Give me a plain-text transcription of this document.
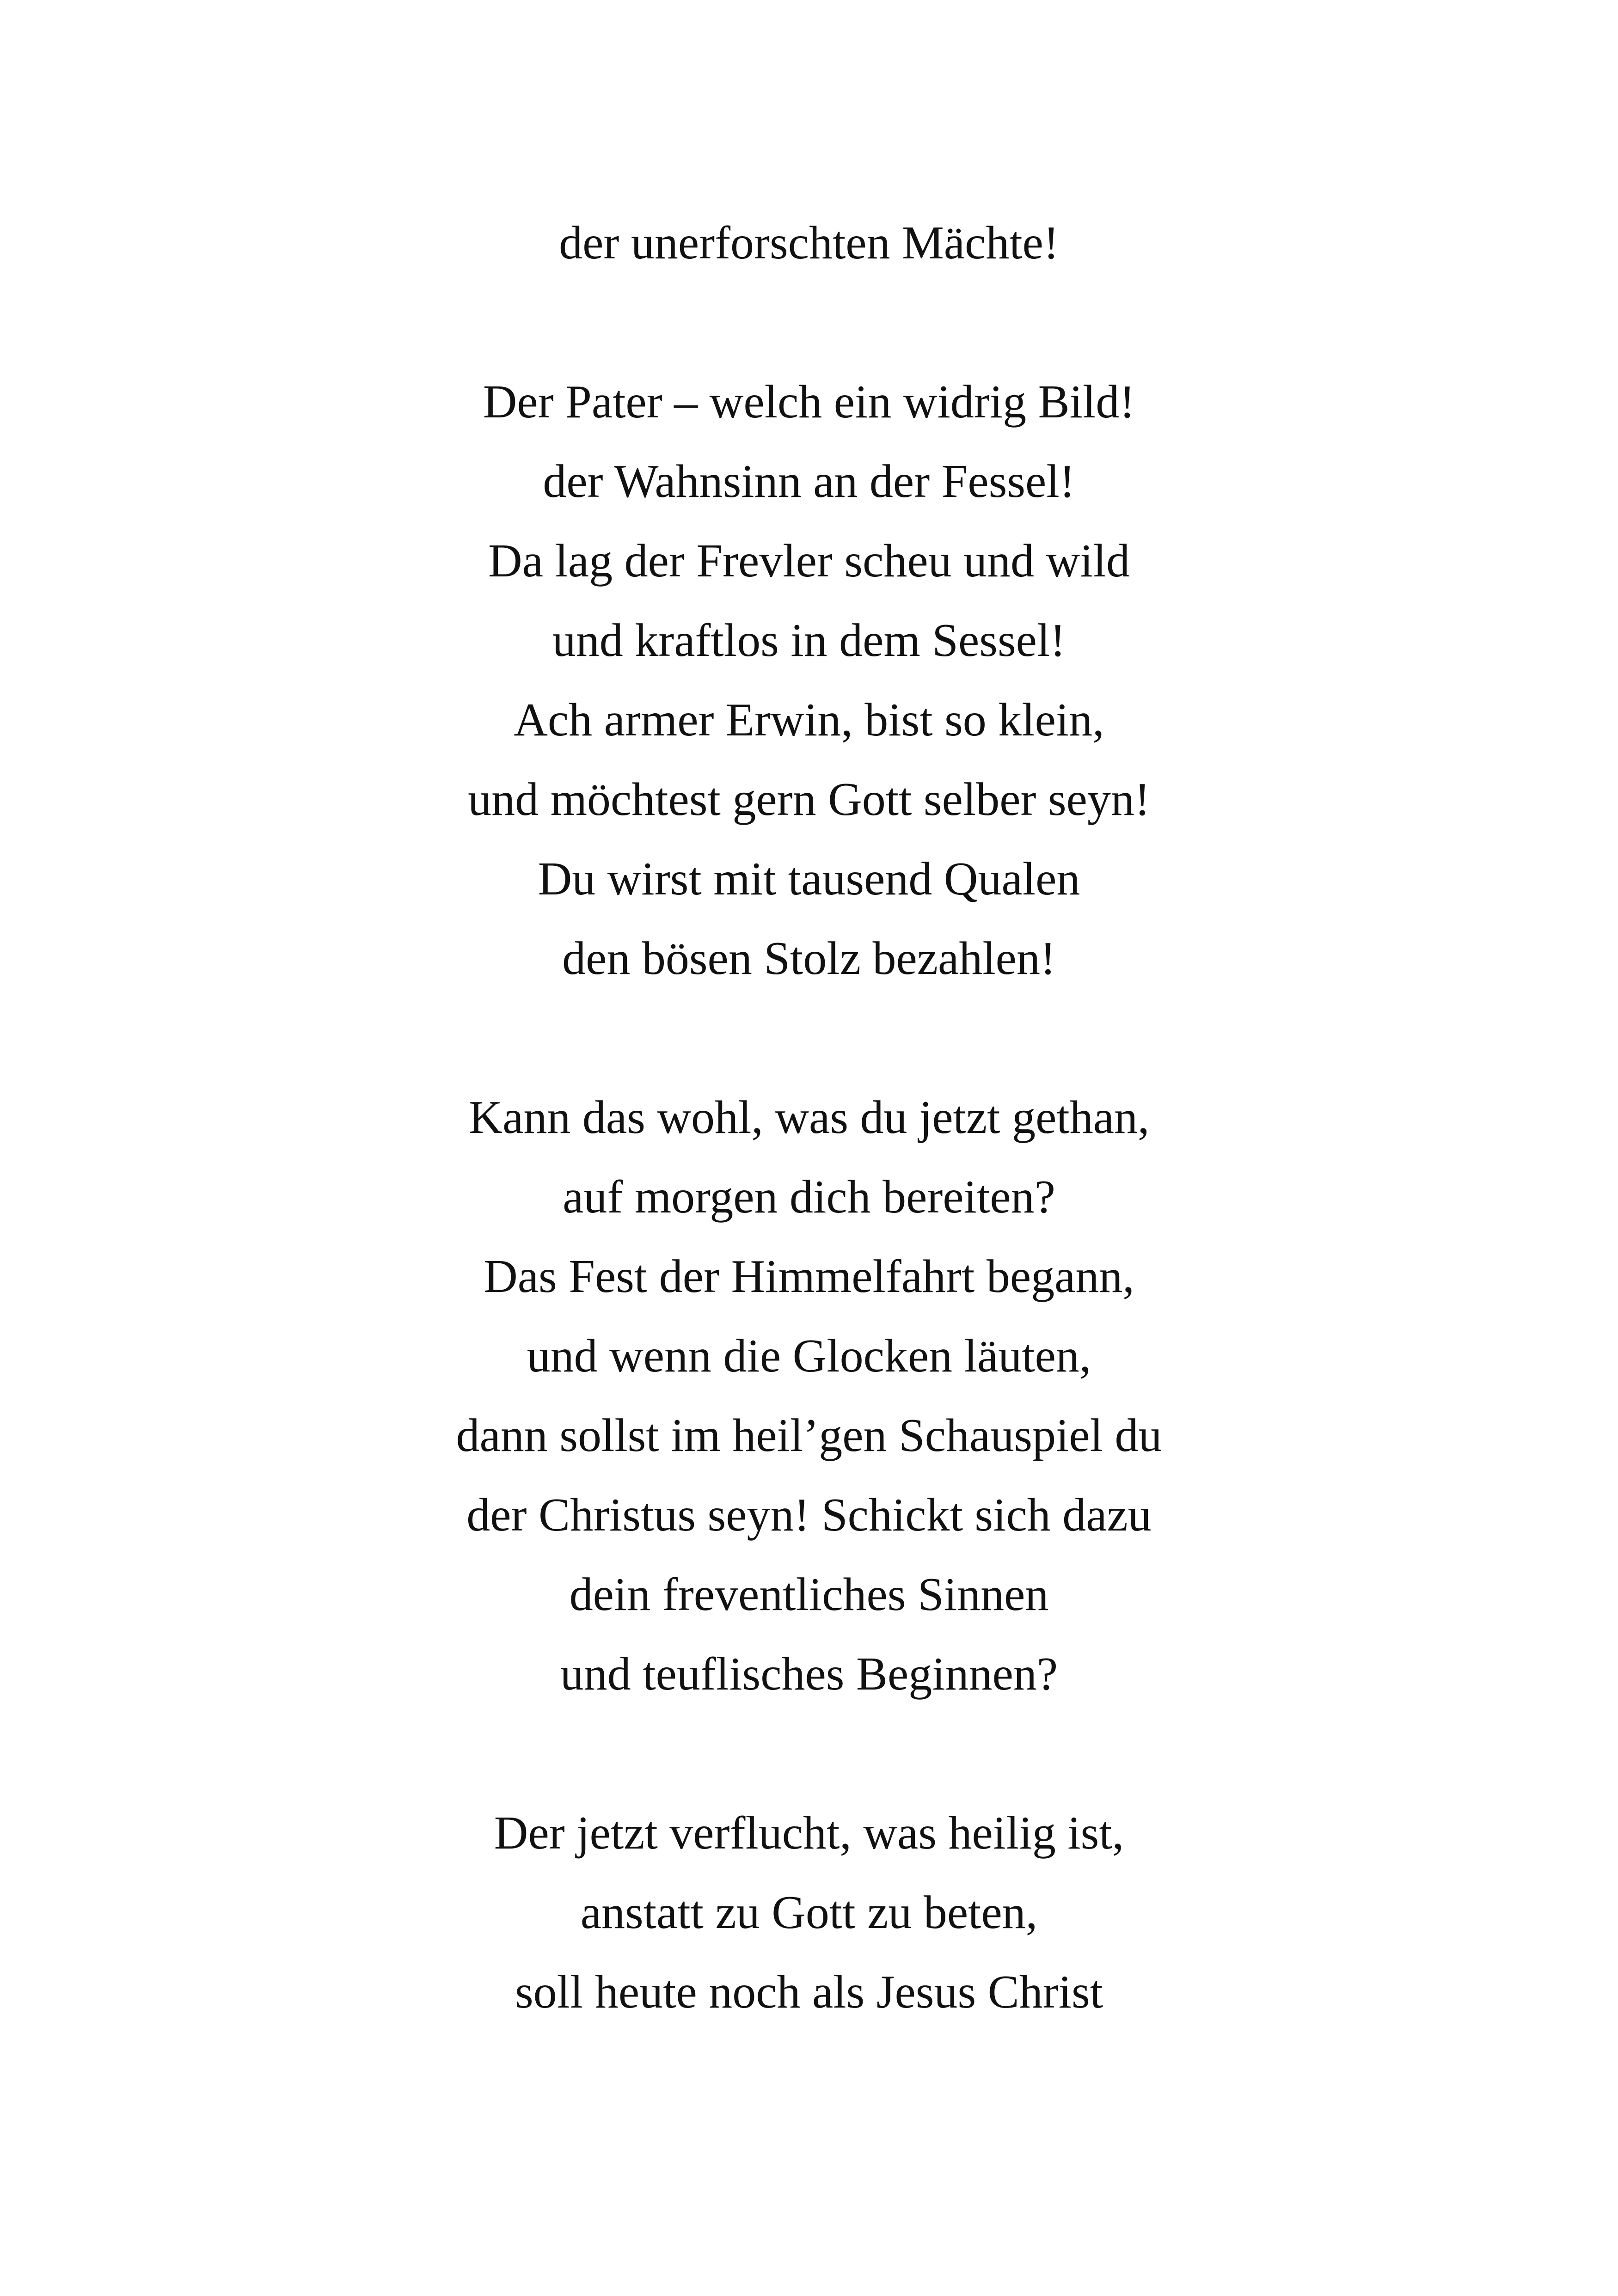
der unerforschten Mächte!
Der Pater – welch ein widrig Bild!
der Wahnsinn an der Fessel!
Da lag der Frevler scheu und wild
und kraftlos in dem Sessel!
Ach armer Erwin, bist so klein,
und möchtest gern Gott selber seyn!
Du wirst mit tausend Qualen
den bösen Stolz bezahlen!
Kann das wohl, was du jetzt gethan,
auf morgen dich bereiten?
Das Fest der Himmelfahrt begann,
und wenn die Glocken läuten,
dann sollst im heil’gen Schauspiel du
der Christus seyn! Schickt sich dazu
dein freventliches Sinnen
und teuflisches Beginnen?
Der jetzt verflucht, was heilig ist,
anstatt zu Gott zu beten,
soll heute noch als Jesus Christ
